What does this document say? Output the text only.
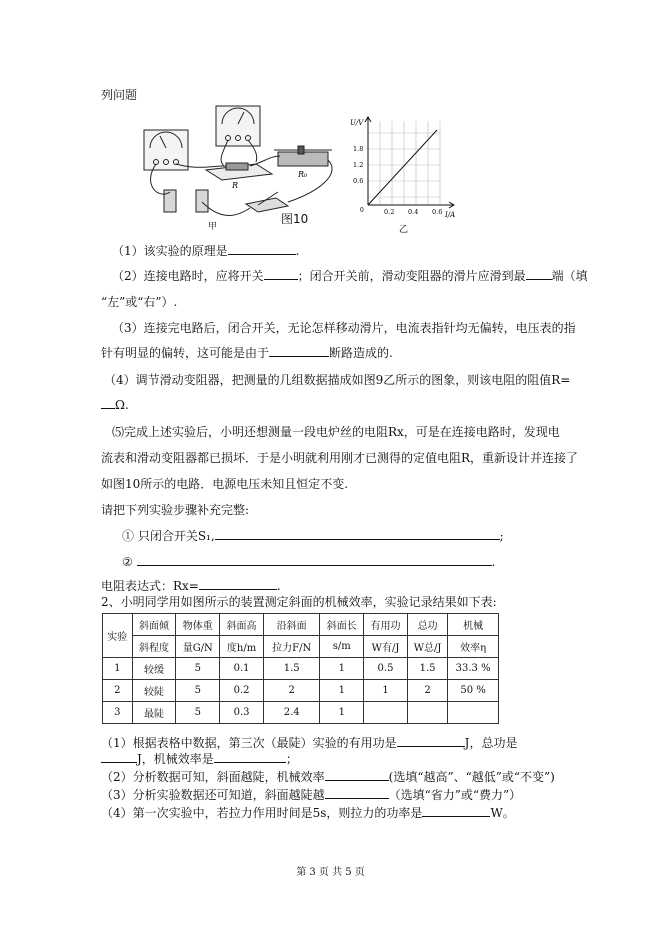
列问题
R
R₀
图10
甲	乙
U/V
I/A
0
1.8
1.2
0.6
0.2 0.4 0.6
（1）该实验的原理是	.
（2）连接电路时，应将开关	；闭合开关前，滑动变阻器的滑片应滑到最 端（填
“左”或“右”）.
（3）连接完电路后，闭合开关，无论怎样移动滑片，电流表指针均无偏转，电压表的指
针有明显的偏转，这可能是由于	断路造成的.
（4）调节滑动变阻器，把测量的几组数据描成如图9乙所示的图象，则该电阻的阻值R=
Ω.
⑸完成上述实验后，小明还想测量一段电炉丝的电阻Rx，可是在连接电路时，发现电
流表和滑动变阻器都已损坏．于是小明就利用刚才已测得的定值电阻R，重新设计并连接了
如图10所示的电路．电源电压未知且恒定不变.
请把下列实验步骤补充完整:
① 只闭合开关S₁,	;
②	.
电阻表达式：Rx=	.
2、小明同学用如图所示的装置测定斜面的机械效率，实验记录结果如下表:
实验	斜面倾	物体重	斜面高	沿斜面	斜面长	有用功	总功	机械
	斜程度	量G/N	度h/m	拉力F/N	s/m	W有/J	W总/J	效率η
1	较缓	5	0.1	1.5	1	0.5	1.5	33.3 %
2	较陡	5	0.2	2	1	1	2	50 %
3	最陡	5	0.3	2.4	1			
（1）根据表格中数据，第三次（最陡）实验的有用功是	J，总功是
J，机械效率是	；
（2）分析数据可知，斜面越陡，机械效率	(选填“越高”、“越低”或“不变”)
（3）分析实验数据还可知道，斜面越陡越	（选填“省力”或“费力”）
（4）第一次实验中，若拉力作用时间是5s，则拉力的功率是	W。
第 3 页 共 5 页
